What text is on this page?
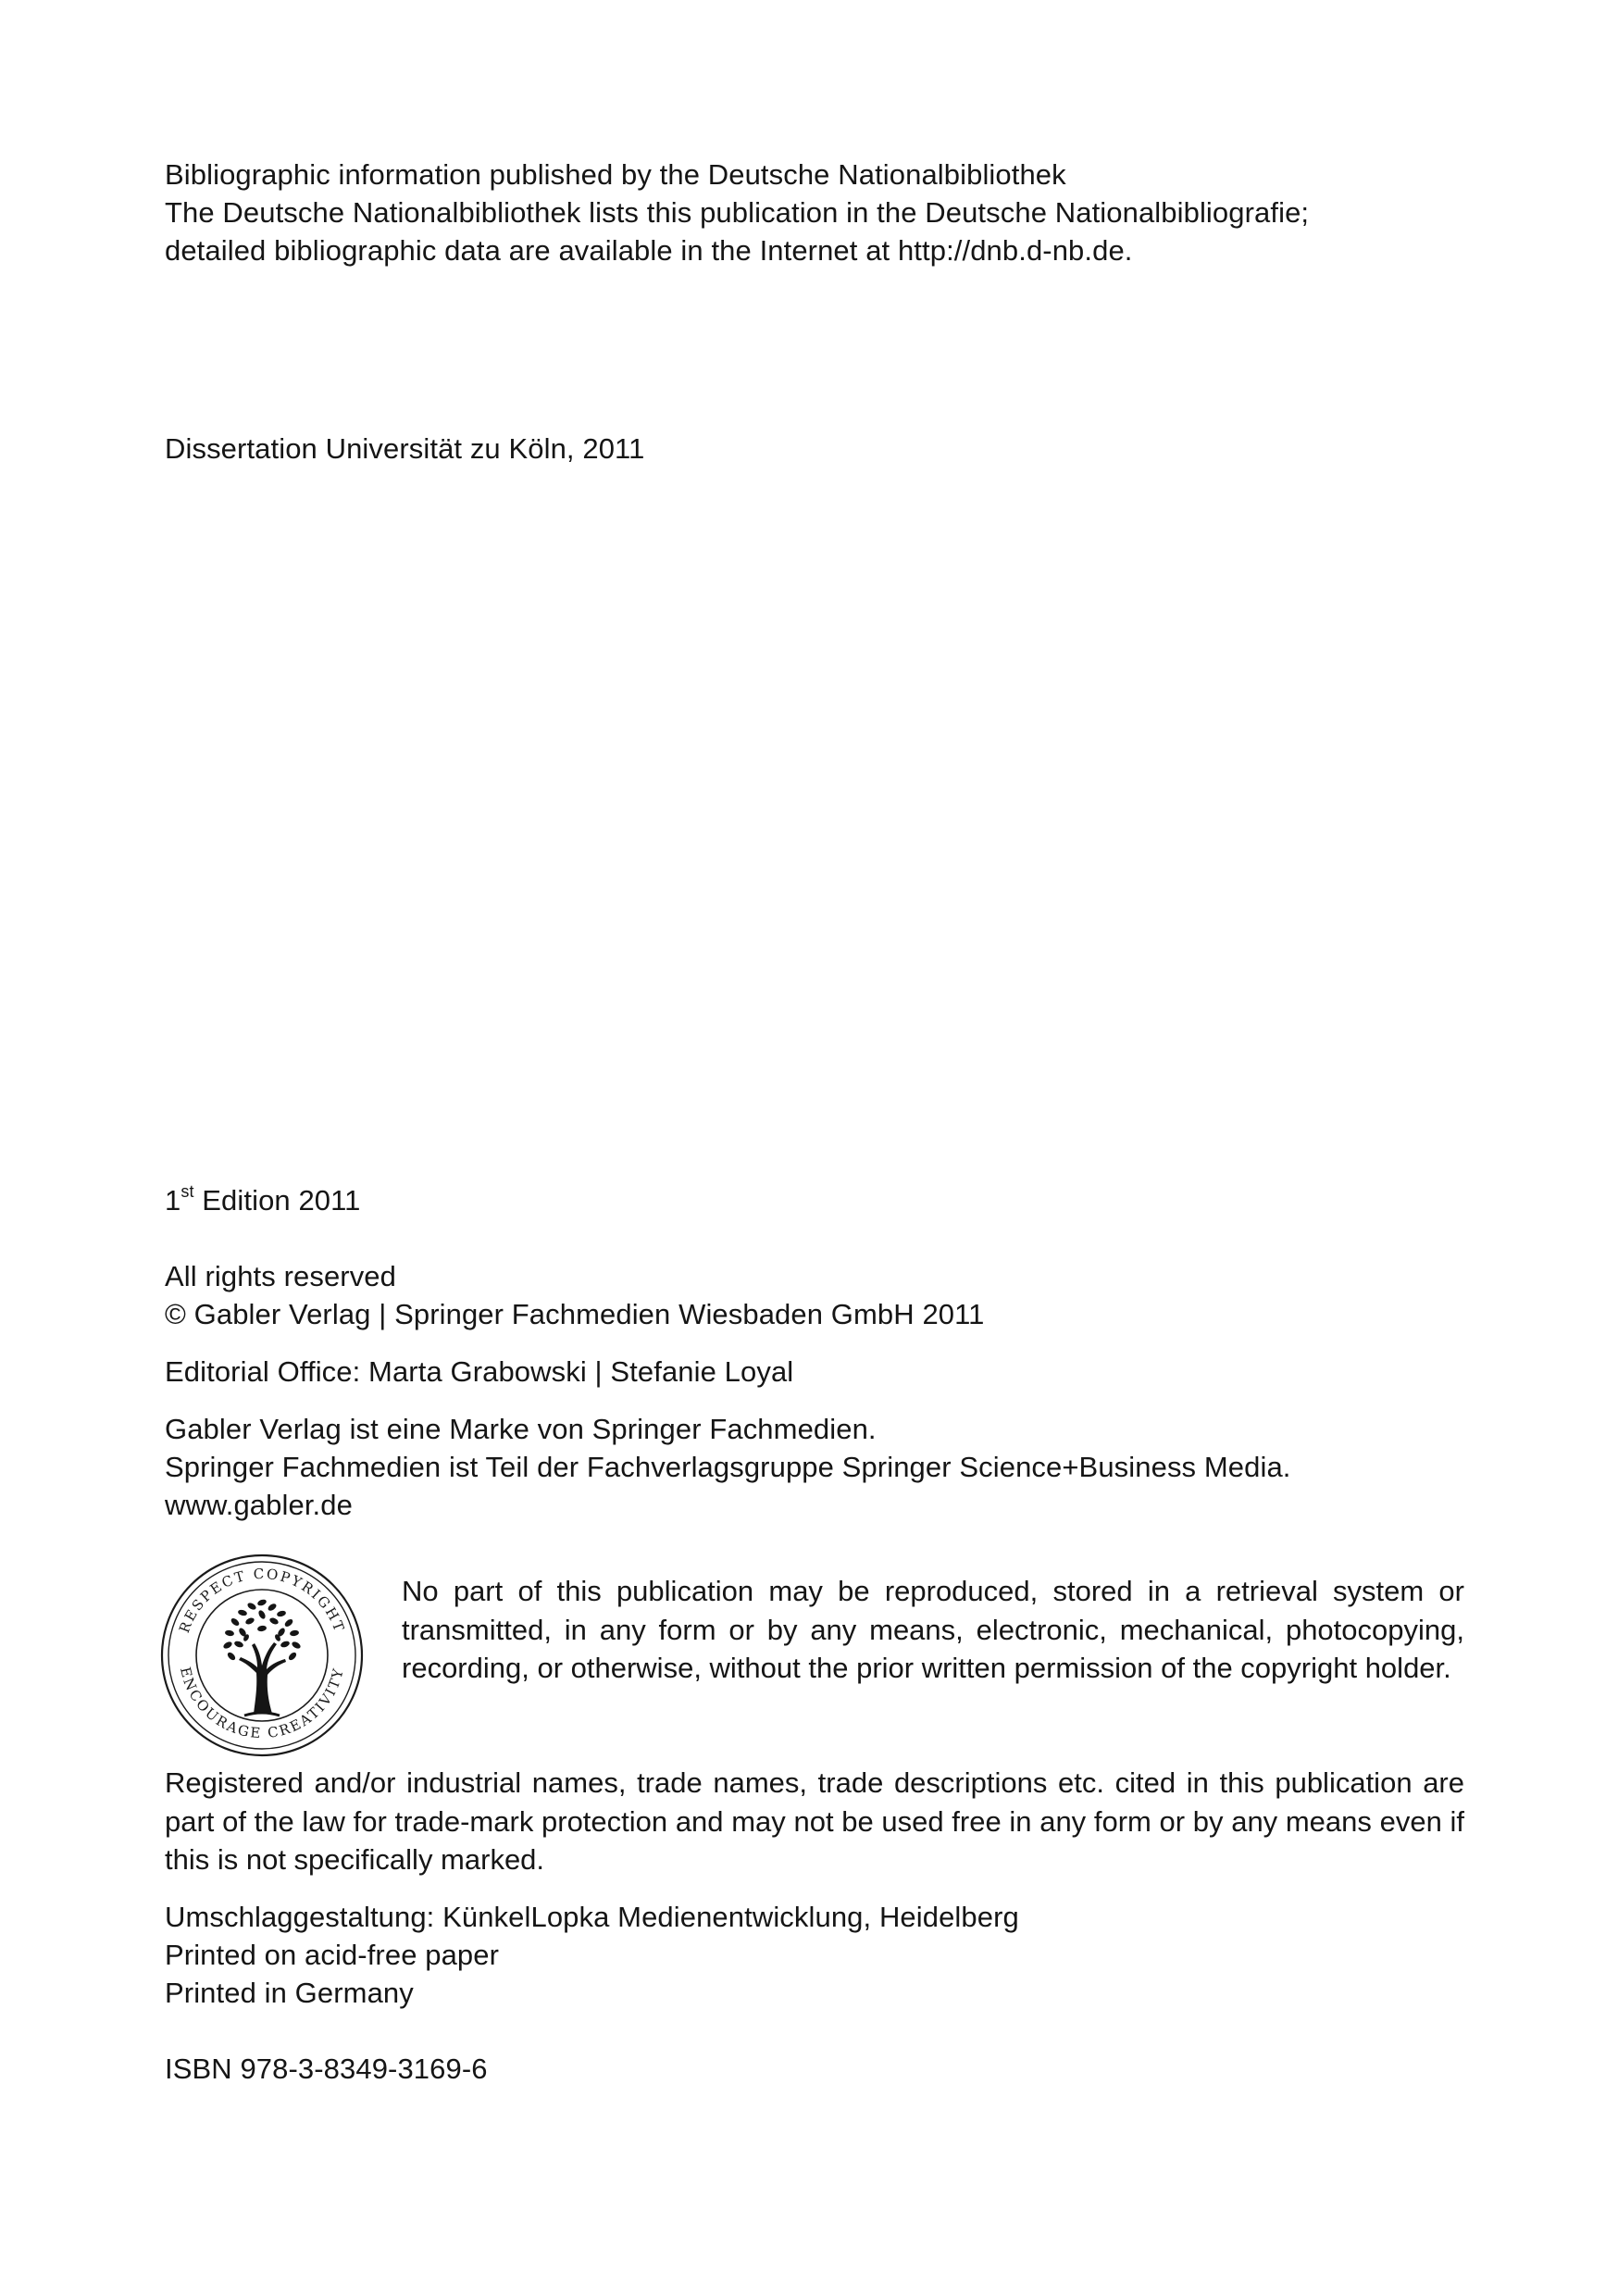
Bibliographic information published by the Deutsche Nationalbibliothek
The Deutsche Nationalbibliothek lists this publication in the Deutsche Nationalbibliografie;
detailed bibliographic data are available in the Internet at http://dnb.d-nb.de.
Dissertation Universität zu Köln, 2011
1st Edition 2011
All rights reserved
© Gabler Verlag | Springer Fachmedien Wiesbaden GmbH 2011
Editorial Office: Marta Grabowski | Stefanie Loyal
Gabler Verlag ist eine Marke von Springer Fachmedien.
Springer Fachmedien ist Teil der Fachverlagsgruppe Springer Science+Business Media.
www.gabler.de
RESPECT COPYRIGHT
ENCOURAGE CREATIVITY
No part of this publication may be reproduced, stored in a retrieval system or transmitted, in any form or by any means, electronic, mechanical, photocopying, recording, or otherwise, without the prior written permission of the copyright holder.
Registered and/or industrial names, trade names, trade descriptions etc. cited in this publication are part of the law for trade-mark protection and may not be used free in any form or by any means even if this is not specifically marked.
Umschlaggestaltung: KünkelLopka Medienentwicklung, Heidelberg
Printed on acid-free paper
Printed in Germany
ISBN 978-3-8349-3169-6
